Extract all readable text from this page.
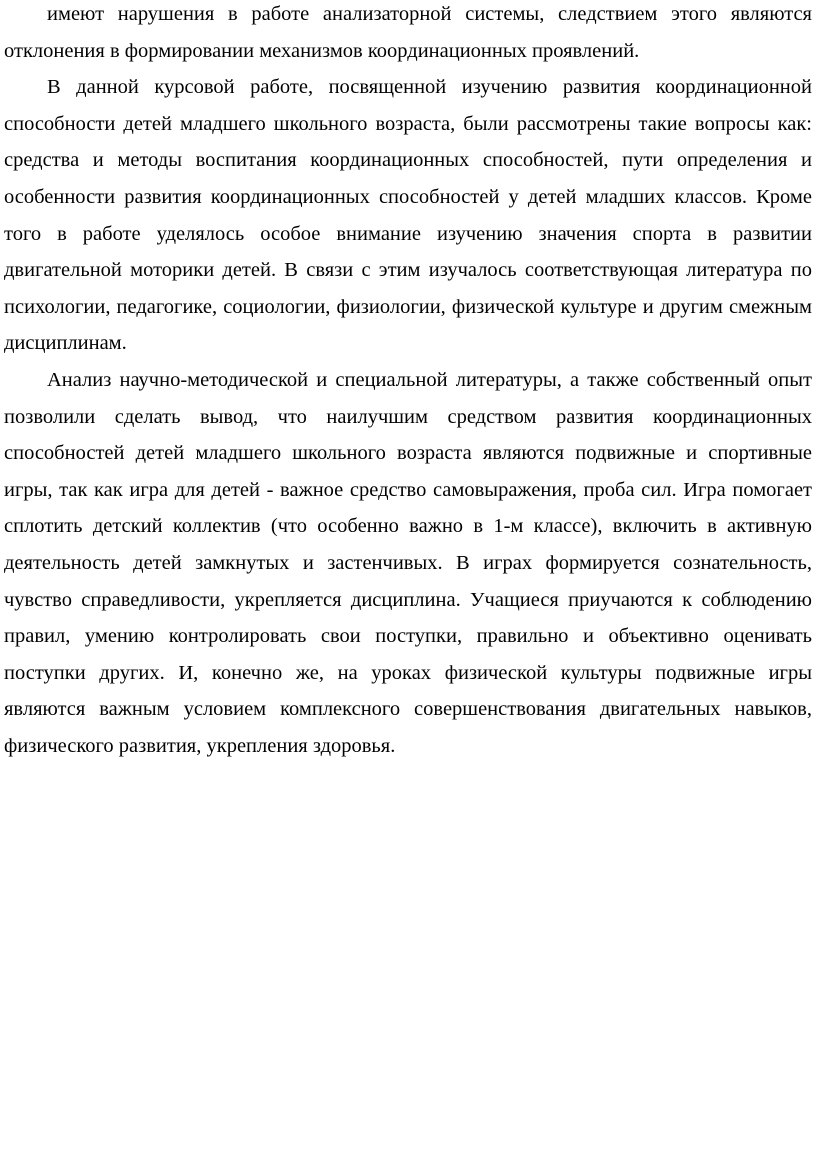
имеют нарушения в работе анализаторной системы, следствием этого являются отклонения в формировании механизмов координационных проявлений.

В данной курсовой работе, посвященной изучению развития координационной способности детей младшего школьного возраста, были рассмотрены такие вопросы как: средства и методы воспитания координационных способностей, пути определения и особенности развития координационных способностей у детей младших классов. Кроме того в работе уделялось особое внимание изучению значения спорта в развитии двигательной моторики детей. В связи с этим изучалось соответствующая литература по психологии, педагогике, социологии, физиологии, физической культуре и другим смежным дисциплинам.

Анализ научно-методической и специальной литературы, а также собственный опыт позволили сделать вывод, что наилучшим средством развития координационных способностей детей младшего школьного возраста являются подвижные и спортивные игры, так как игра для детей - важное средство самовыражения, проба сил. Игра помогает сплотить детский коллектив (что особенно важно в 1-м классе), включить в активную деятельность детей замкнутых и застенчивых. В играх формируется сознательность, чувство справедливости, укрепляется дисциплина. Учащиеся приучаются к соблюдению правил, умению контролировать свои поступки, правильно и объективно оценивать поступки других. И, конечно же, на уроках физической культуры подвижные игры являются важным условием комплексного совершенствования двигательных навыков, физического развития, укрепления здоровья.
